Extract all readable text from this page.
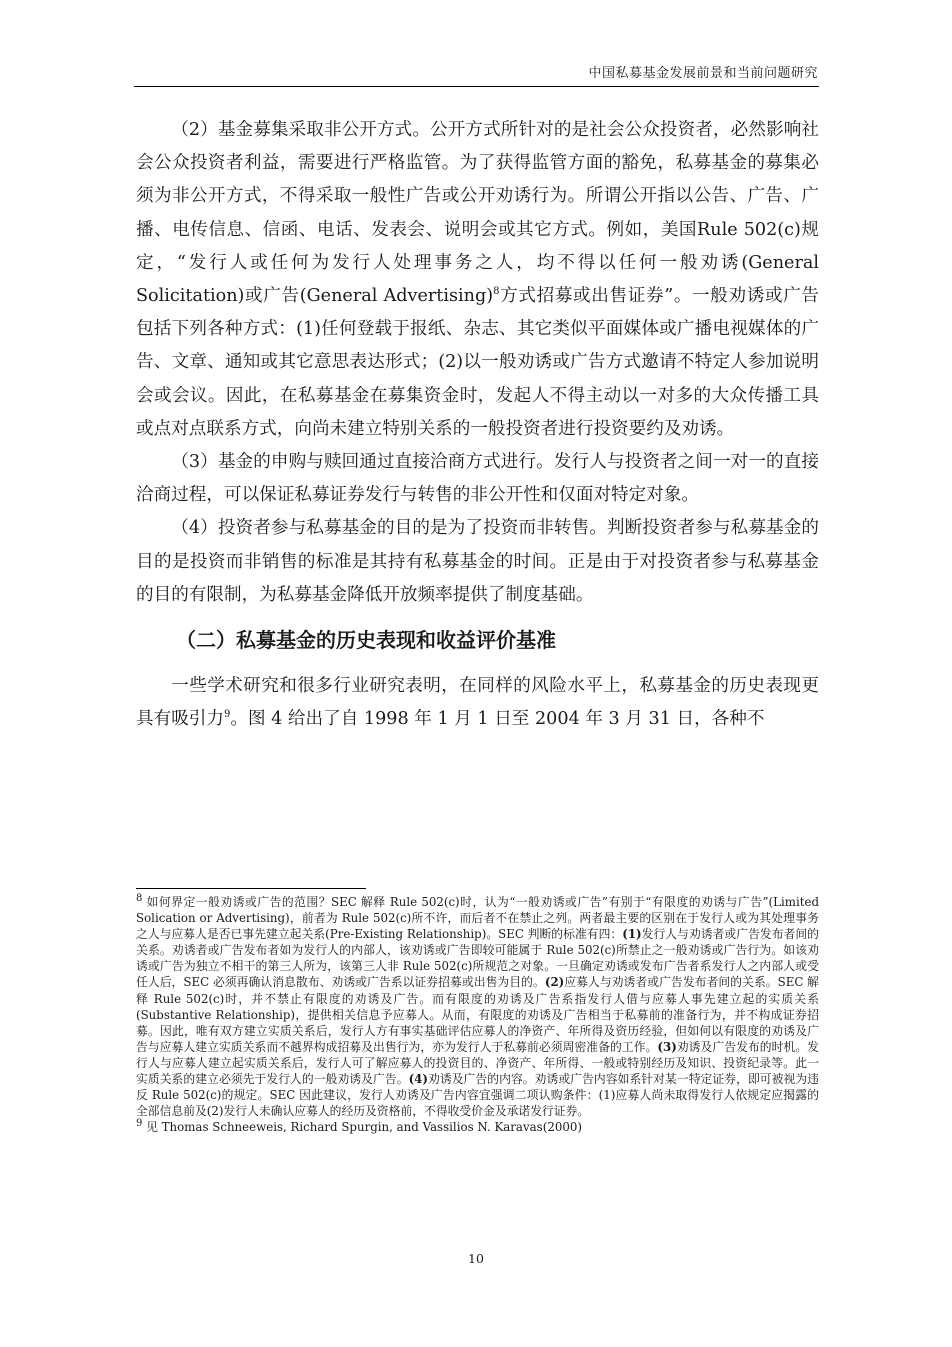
中国私募基金发展前景和当前问题研究

（2）基金募集采取非公开方式。公开方式所针对的是社会公众投资者，必然影响社会公众投资者利益，需要进行严格监管。为了获得监管方面的豁免，私募基金的募集必须为非公开方式，不得采取一般性广告或公开劝诱行为。所谓公开指以公告、广告、广播、电传信息、信函、电话、发表会、说明会或其它方式。例如，美国Rule 502(c)规定，“发行人或任何为发行人处理事务之人，均不得以任何一般劝诱(General Solicitation)或广告(General Advertising)$^8$方式招募或出售证券”。一般劝诱或广告包括下列各种方式：(1)任何登载于报纸、杂志、其它类似平面媒体或广播电视媒体的广告、文章、通知或其它意思表达形式；(2)以一般劝诱或广告方式邀请不特定人参加说明会或会议。因此，在私募基金在募集资金时，发起人不得主动以一对多的大众传播工具或点对点联系方式，向尚未建立特别关系的一般投资者进行投资要约及劝诱。

（3）基金的申购与赎回通过直接洽商方式进行。发行人与投资者之间一对一的直接洽商过程，可以保证私募证券发行与转售的非公开性和仅面对特定对象。

（4）投资者参与私募基金的目的是为了投资而非转售。判断投资者参与私募基金的目的是投资而非销售的标准是其持有私募基金的时间。正是由于对投资者参与私募基金的目的有限制，为私募基金降低开放频率提供了制度基础。

（二）私募基金的历史表现和收益评价基准

一些学术研究和很多行业研究表明，在同样的风险水平上，私募基金的历史表现更具有吸引力$^9$。图 4 给出了自 1998 年 1 月 1 日至 2004 年 3 月 31 日，各种不

$^8$ 如何界定一般劝诱或广告的范围？SEC 解释 Rule 502(c)时，认为“一般劝诱或广告”有别于“有限度的劝诱与广告”(Limited Solication or Advertising)，前者为 Rule 502(c)所不许，而后者不在禁止之列。两者最主要的区别在于发行人或为其处理事务之人与应募人是否已事先建立起关系(Pre-Existing Relationship)。SEC 判断的标准有四：(1)发行人与劝诱者或广告发布者间的关系。劝诱者或广告发布者如为发行人的内部人，该劝诱或广告即较可能属于 Rule 502(c)所禁止之一般劝诱或广告行为。如该劝诱或广告为独立不相干的第三人所为，该第三人非 Rule 502(c)所规范之对象。一旦确定劝诱或发布广告者系发行人之内部人或受任人后，SEC 必须再确认消息散布、劝诱或广告系以证券招募或出售为目的。(2)应募人与劝诱者或广告发布者间的关系。SEC 解释 Rule 502(c)时，并不禁止有限度的劝诱及广告。而有限度的劝诱及广告系指发行人借与应募人事先建立起的实质关系(Substantive Relationship)，提供相关信息予应募人。从而，有限度的劝诱及广告相当于私募前的准备行为，并不构成证券招募。因此，唯有双方建立实质关系后，发行人方有事实基础评估应募人的净资产、年所得及资历经验，但如何以有限度的劝诱及广告与应募人建立实质关系而不越界构成招募及出售行为，亦为发行人于私募前必须周密准备的工作。(3)劝诱及广告发布的时机。发行人与应募人建立起实质关系后，发行人可了解应募人的投资目的、净资产、年所得、一般或特别经历及知识、投资纪录等。此一实质关系的建立必须先于发行人的一般劝诱及广告。(4)劝诱及广告的内容。劝诱或广告内容如系针对某一特定证券，即可被视为违反 Rule 502(c)的规定。SEC 因此建议，发行人劝诱及广告内容宜强调二项认购条件：(1)应募人尚未取得发行人依规定应揭露的全部信息前及(2)发行人未确认应募人的经历及资格前，不得收受价金及承诺发行证券。

$^9$ 见 Thomas Schneeweis, Richard Spurgin, and Vassilios N. Karavas(2000)

10
